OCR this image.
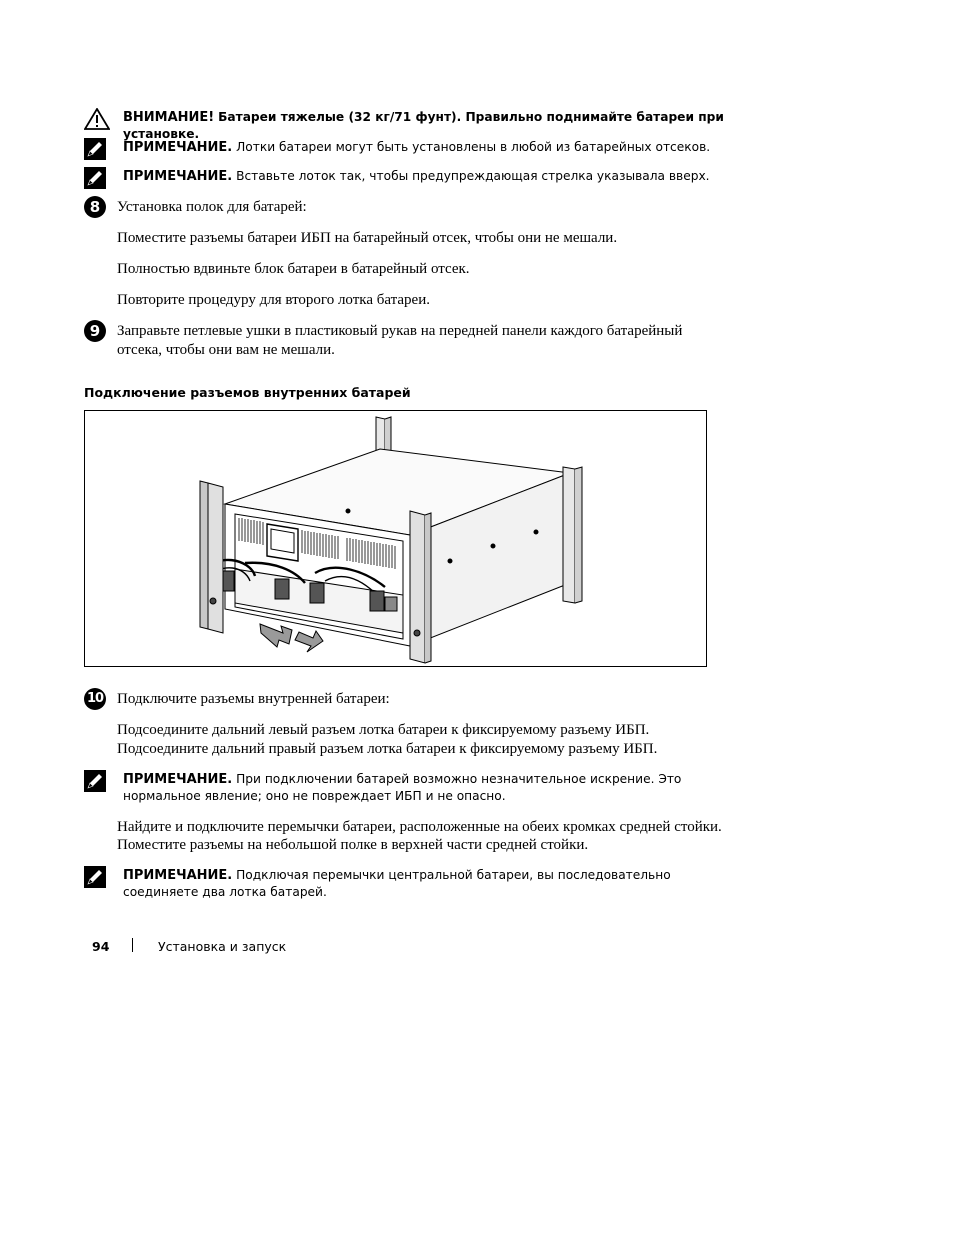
ВНИМАНИЕ! Батареи тяжелые (32 кг/71 фунт). Правильно поднимайте батареи при установке.
ПРИМЕЧАНИЕ. Лотки батареи могут быть установлены в любой из батарейных отсеков.
ПРИМЕЧАНИЕ. Вставьте лоток так, чтобы предупреждающая стрелка указывала вверх.
8	Установка полок для батарей:
Поместите разъемы батареи ИБП на батарейный отсек, чтобы они не мешали.
Полностью вдвиньте блок батареи в батарейный отсек.
Повторите процедуру для второго лотка батареи.
9	Заправьте петлевые ушки в пластиковый рукав на передней панели каждого батарейный отсека, чтобы они вам не мешали.
Подключение разъемов внутренних батарей
10 Подключите разъемы внутренней батареи:
Подсоедините дальний левый разъем лотка батареи к фиксируемому разъему ИБП.
Подсоедините дальний правый разъем лотка батареи к фиксируемому разъему ИБП.
ПРИМЕЧАНИЕ. При подключении батарей возможно незначительное искрение. Это нормальное явление; оно не повреждает ИБП и не опасно.
Найдите и подключите перемычки батареи, расположенные на обеих кромках средней стойки.
Поместите разъемы на небольшой полке в верхней части средней стойки.
ПРИМЕЧАНИЕ. Подключая перемычки центральной батареи, вы последовательно соединяете два лотка батарей.
94	Установка и запуск
